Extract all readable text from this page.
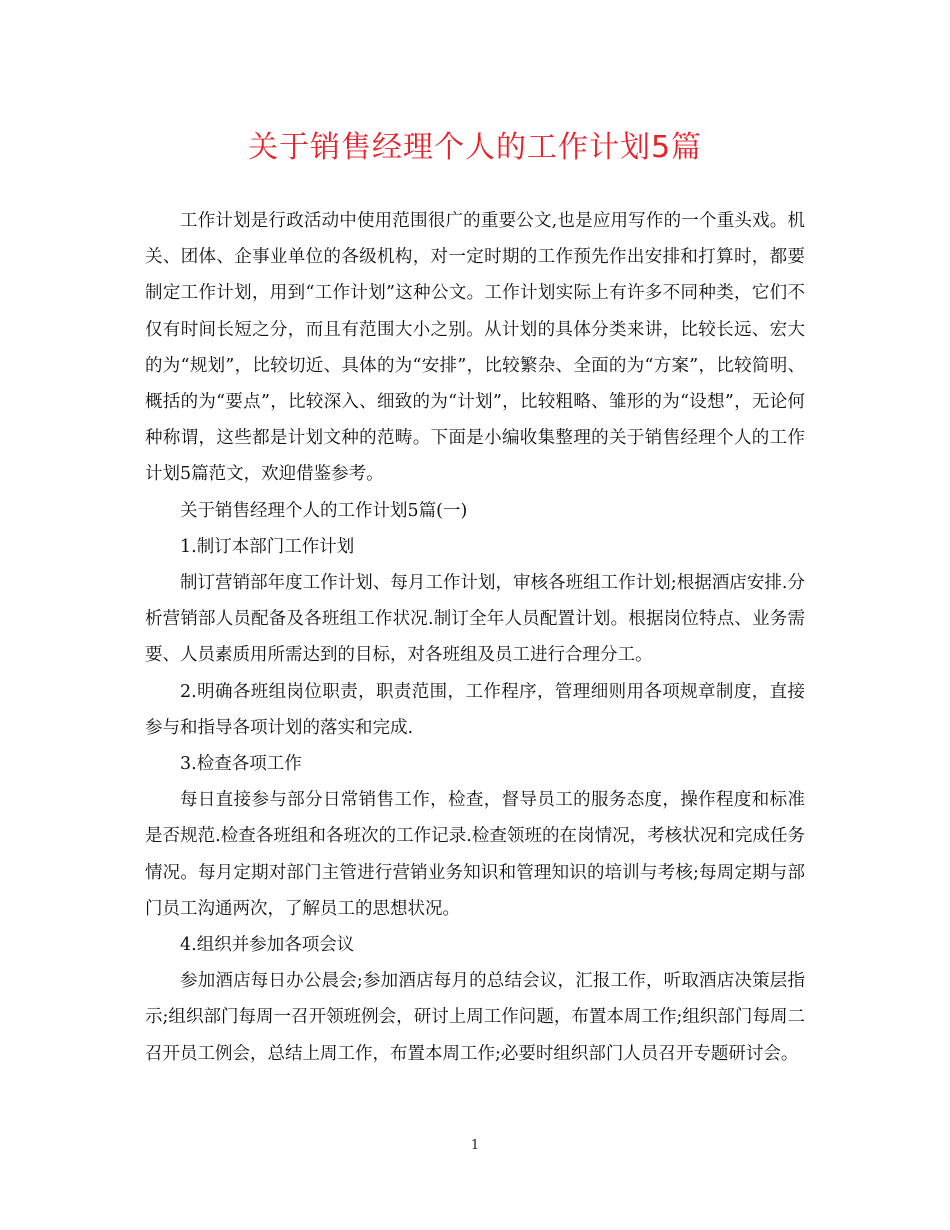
关于销售经理个人的工作计划5篇

工作计划是行政活动中使用范围很广的重要公文,也是应用写作的一个重头戏。机关、团体、企事业单位的各级机构，对一定时期的工作预先作出安排和打算时，都要制定工作计划，用到“工作计划”这种公文。工作计划实际上有许多不同种类，它们不仅有时间长短之分，而且有范围大小之别。从计划的具体分类来讲，比较长远、宏大的为“规划”，比较切近、具体的为“安排”，比较繁杂、全面的为“方案”，比较简明、概括的为“要点”，比较深入、细致的为“计划”，比较粗略、雏形的为“设想”，无论何种称谓，这些都是计划文种的范畴。下面是小编收集整理的关于销售经理个人的工作计划5篇范文，欢迎借鉴参考。

关于销售经理个人的工作计划5篇(一)

1.制订本部门工作计划

制订营销部年度工作计划、每月工作计划，审核各班组工作计划;根据酒店安排.分析营销部人员配备及各班组工作状况.制订全年人员配置计划。根据岗位特点、业务需要、人员素质用所需达到的目标，对各班组及员工进行合理分工。

2.明确各班组岗位职责，职责范围，工作程序，管理细则用各项规章制度，直接参与和指导各项计划的落实和完成.

3.检查各项工作

每日直接参与部分日常销售工作，检查，督导员工的服务态度，操作程度和标准是否规范.检查各班组和各班次的工作记录.检查领班的在岗情况，考核状况和完成任务情况。每月定期对部门主管进行营销业务知识和管理知识的培训与考核;每周定期与部门员工沟通两次，了解员工的思想状况。

4.组织并参加各项会议

参加酒店每日办公晨会;参加酒店每月的总结会议，汇报工作，听取酒店决策层指示;组织部门每周一召开领班例会，研讨上周工作问题，布置本周工作;组织部门每周二召开员工例会，总结上周工作，布置本周工作;必要时组织部门人员召开专题研讨会。

1
